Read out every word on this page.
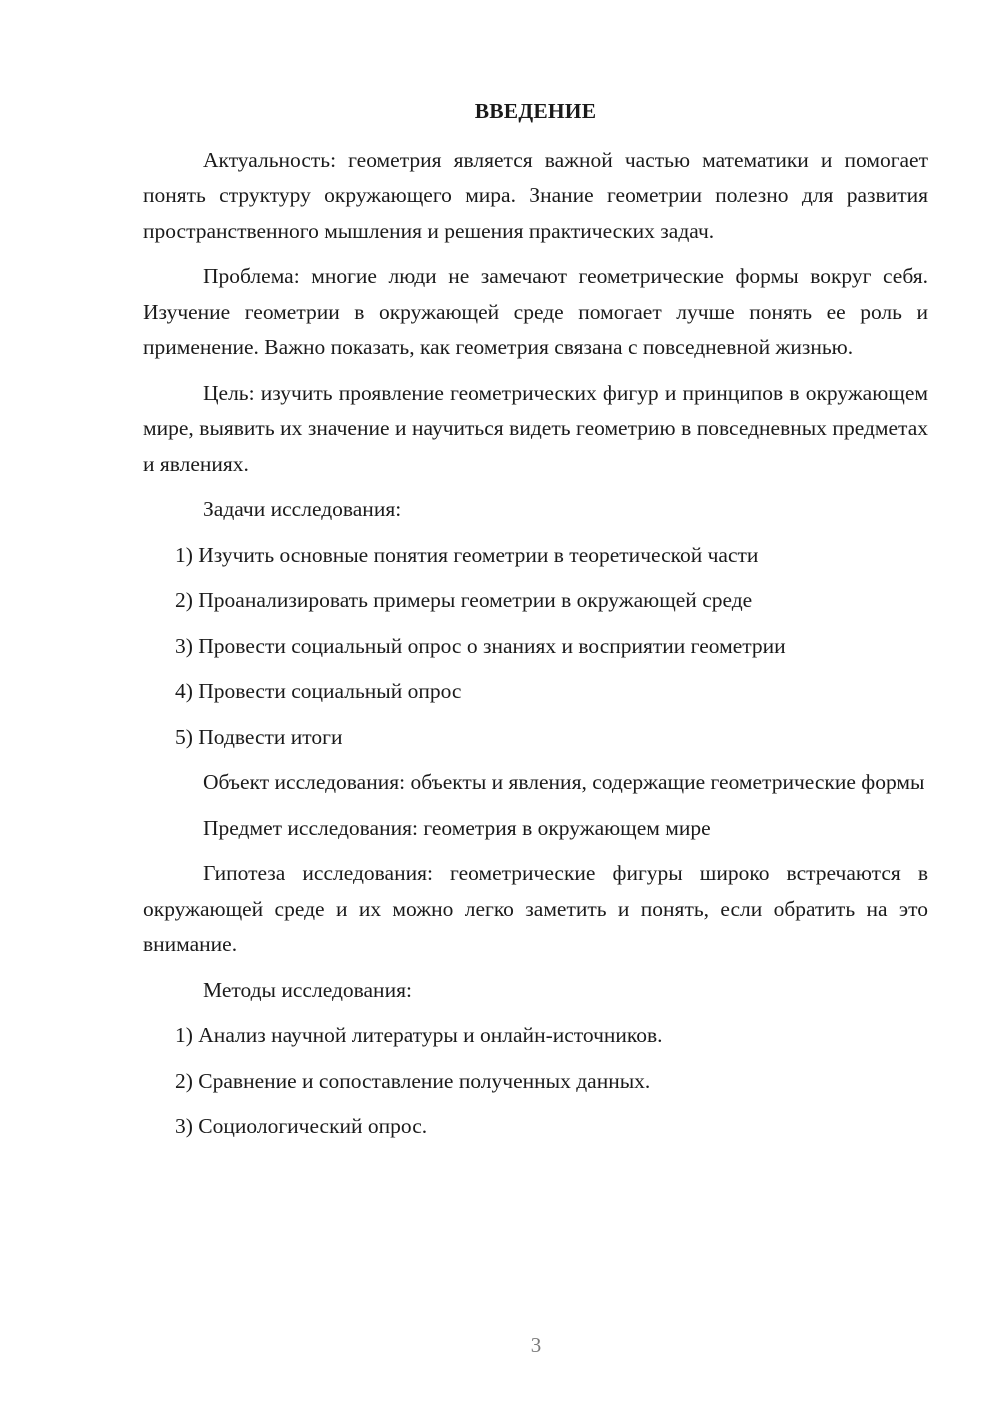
ВВЕДЕНИЕ

Актуальность: геометрия является важной частью математики и помогает понять структуру окружающего мира. Знание геометрии полезно для развития пространственного мышления и решения практических задач.

Проблема: многие люди не замечают геометрические формы вокруг себя. Изучение геометрии в окружающей среде помогает лучше понять ее роль и применение. Важно показать, как геометрия связана с повседневной жизнью.

Цель: изучить проявление геометрических фигур и принципов в окружающем мире, выявить их значение и научиться видеть геометрию в повседневных предметах и явлениях.

Задачи исследования:

1) Изучить основные понятия геометрии в теоретической части

2) Проанализировать примеры геометрии в окружающей среде

3) Провести социальный опрос о знаниях и восприятии геометрии

4) Провести социальный опрос

5) Подвести итоги

Объект исследования: объекты и явления, содержащие геометрические формы

Предмет исследования: геометрия в окружающем мире

Гипотеза исследования: геометрические фигуры широко встречаются в окружающей среде и их можно легко заметить и понять, если обратить на это внимание.

Методы исследования:

1) Анализ научной литературы и онлайн-источников.

2) Сравнение и сопоставление полученных данных.

3) Социологический опрос.

3
